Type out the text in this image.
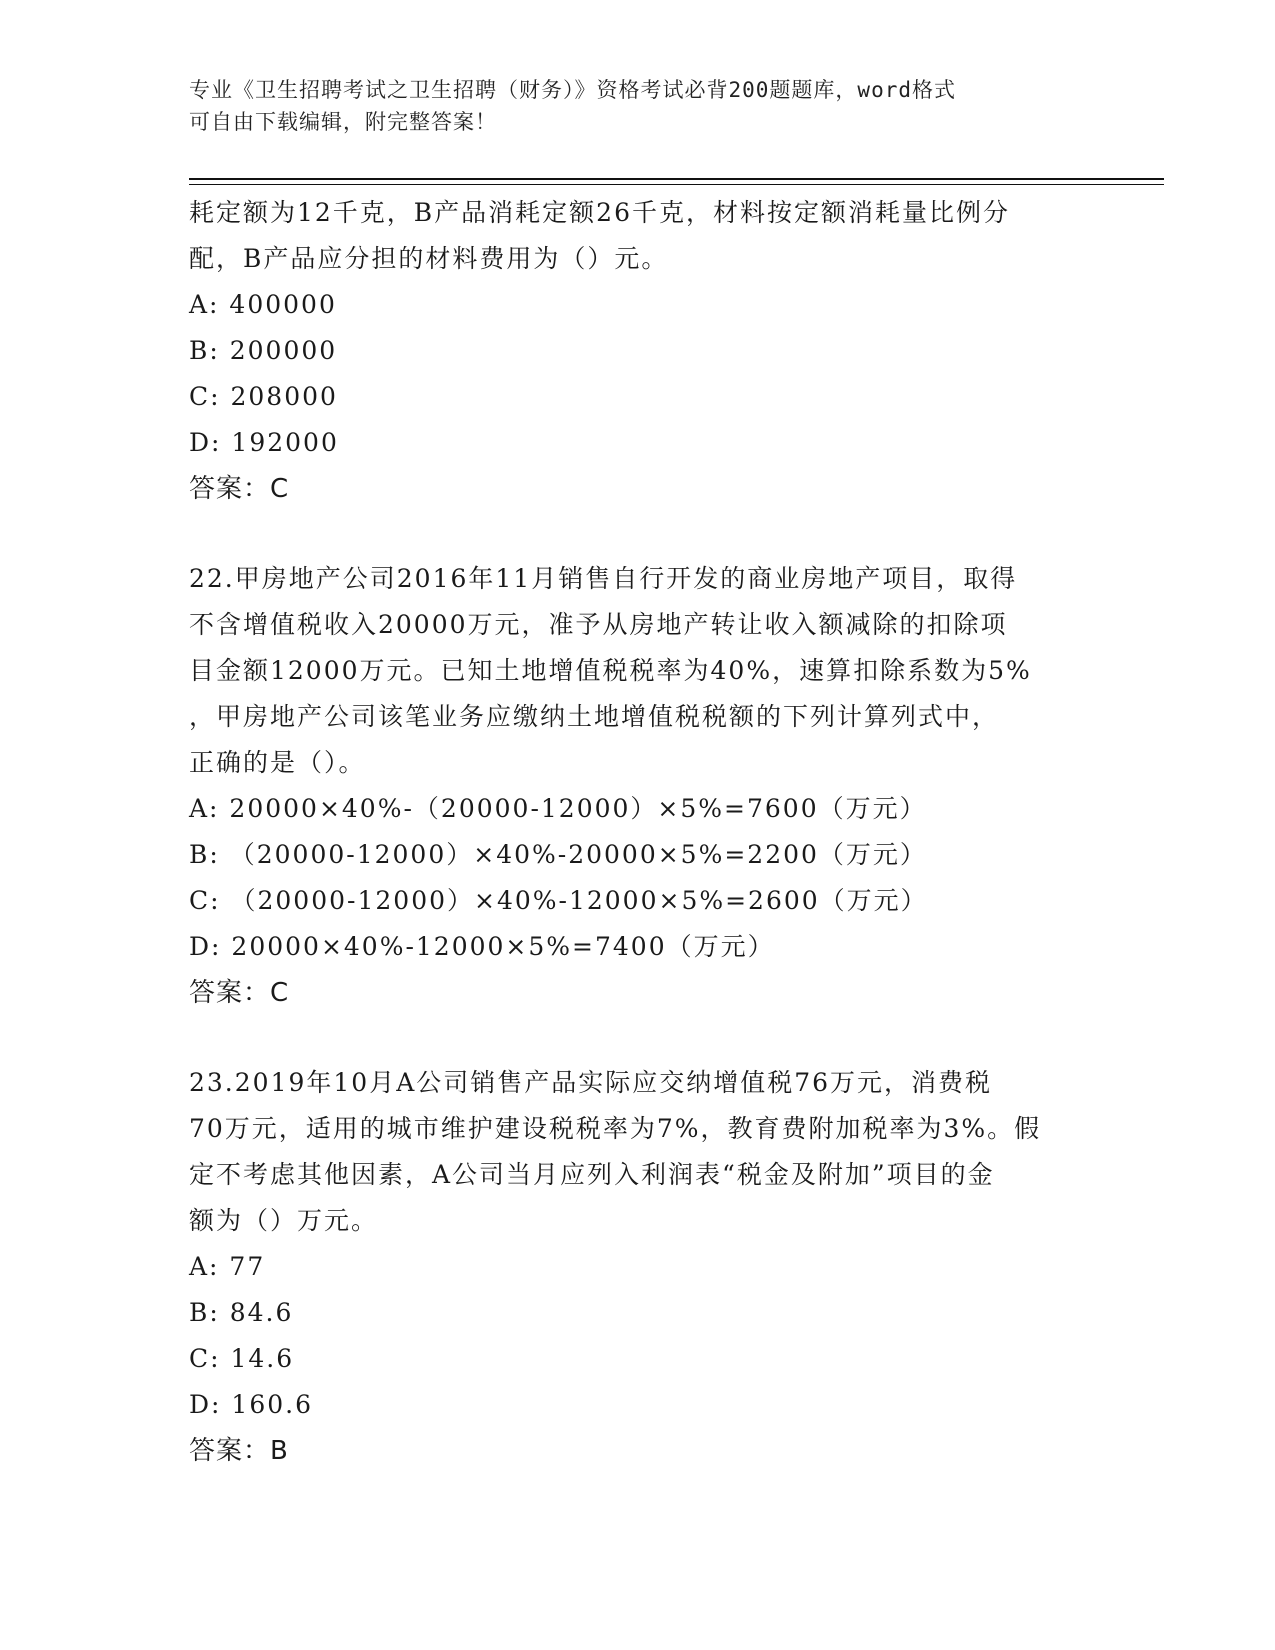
专业《卫生招聘考试之卫生招聘（财务）》资格考试必背200题题库，word格式
可自由下载编辑，附完整答案！
耗定额为12千克，B产品消耗定额26千克，材料按定额消耗量比例分
配，B产品应分担的材料费用为（）元。
A: 400000
B: 200000
C: 208000
D: 192000
答案：C
22.甲房地产公司2016年11月销售自行开发的商业房地产项目，取得
不含增值税收入20000万元，准予从房地产转让收入额减除的扣除项
目金额12000万元。已知土地增值税税率为40%，速算扣除系数为5%
，甲房地产公司该笔业务应缴纳土地增值税税额的下列计算列式中，
正确的是（）。
A: 20000×40%-（20000-12000）×5%=7600（万元）
B: （20000-12000）×40%-20000×5%=2200（万元）
C: （20000-12000）×40%-12000×5%=2600（万元）
D: 20000×40%-12000×5%=7400（万元）
答案：C
23.2019年10月A公司销售产品实际应交纳增值税76万元，消费税
70万元，适用的城市维护建设税税率为7%，教育费附加税率为3%。假
定不考虑其他因素，A公司当月应列入利润表“税金及附加”项目的金
额为（）万元。
A: 77
B: 84.6
C: 14.6
D: 160.6
答案：B
